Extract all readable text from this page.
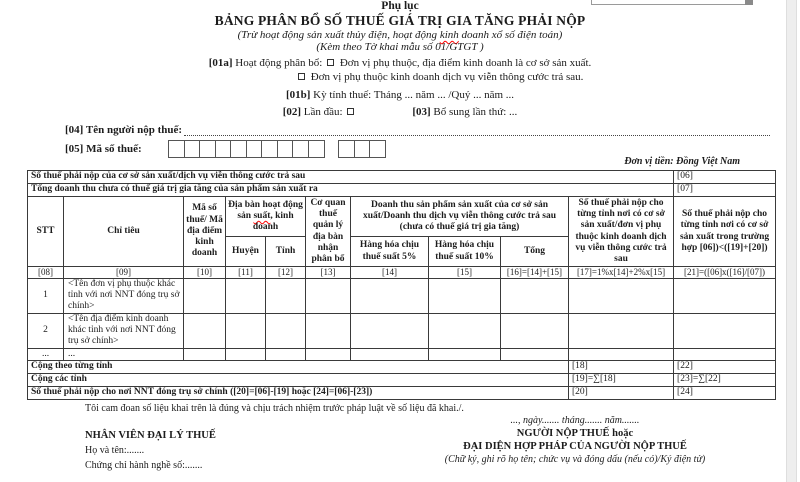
Phụ lục
BẢNG PHÂN BỔ SỐ THUẾ GIÁ TRỊ GIA TĂNG PHẢI NỘP
(Trừ hoạt động sản xuất thủy điện, hoạt động kinh doanh xổ số điện toán)
(Kèm theo Tờ khai mẫu số 01/GTGT )
[01a] Hoạt động phân bổ: Đơn vị phụ thuộc, địa điểm kinh doanh là cơ sở sản xuất.
Đơn vị phụ thuộc kinh doanh dịch vụ viễn thông cước trả sau.
[01b] Kỳ tính thuế: Tháng ... năm ... /Quý ... năm ...
[02] Lần đầu:	[03] Bổ sung lần thứ: ...
[04] Tên người nộp thuế:
[05] Mã số thuế:
Đơn vị tiền: Đồng Việt Nam
Số thuế phải nộp của cơ sở sản xuất/dịch vụ viễn thông cước trả sau										[06]
Tổng doanh thu chưa có thuế giá trị gia tăng của sản phẩm sản xuất ra										[07]
STT	Chỉ tiêu	Mã số thuế/ Mã địa điểm kinh doanh	Địa bàn hoạt động sản suất, kinh doanh		Cơ quan thuế quản lý địa bàn nhận phân bổ	Doanh thu sản phẩm sản xuất của cơ sở sản xuất/Doanh thu dịch vụ viễn thông cước trả sau (chưa có thuế giá trị gia tăng)			Số thuế phải nộp cho từng tỉnh nơi có cơ sở sản xuất/đơn vị phụ thuộc kinh doanh dịch vụ viễn thông cước trả sau	Số thuế phải nộp cho từng tỉnh nơi có cơ sở sản xuất trong trường hợp [06])<([19]+[20])
			Huyện	Tỉnh		Hàng hóa chịu thuế suất 5%	Hàng hóa chịu thuế suất 10%	Tổng		
[08]	[09]	[10]	[11]	[12]	[13]	[14]	[15]	[16]=[14]+[15]	[17]=1%x[14]+2%x[15]	[21]=([06]x([16]/[07])
1	<Tên đơn vị phụ thuộc khác tỉnh với nơi NNT đóng trụ sở chính>									
2	<Tên địa điểm kinh doanh khác tỉnh với nơi NNT đóng trụ sở chính>									
...	...									
Cộng theo từng tỉnh									[18]	[22]
Cộng các tỉnh									[19]=∑[18]	[23]=∑[22]
Số thuế phải nộp cho nơi NNT đóng trụ sở chính ([20]=[06]-[19] hoặc [24]=[06]-[23])									[20]	[24]
Tôi cam đoan số liệu khai trên là đúng và chịu trách nhiệm trước pháp luật về số liệu đã khai./.
NHÂN VIÊN ĐẠI LÝ THUẾ
Họ và tên:.......
Chứng chỉ hành nghề số:.......
..., ngày....... tháng....... năm.......
NGƯỜI NỘP THUẾ hoặc
ĐẠI DIỆN HỢP PHÁP CỦA NGƯỜI NỘP THUẾ
(Chữ ký, ghi rõ họ tên; chức vụ và đóng dấu (nếu có)/Ký điện tử)
